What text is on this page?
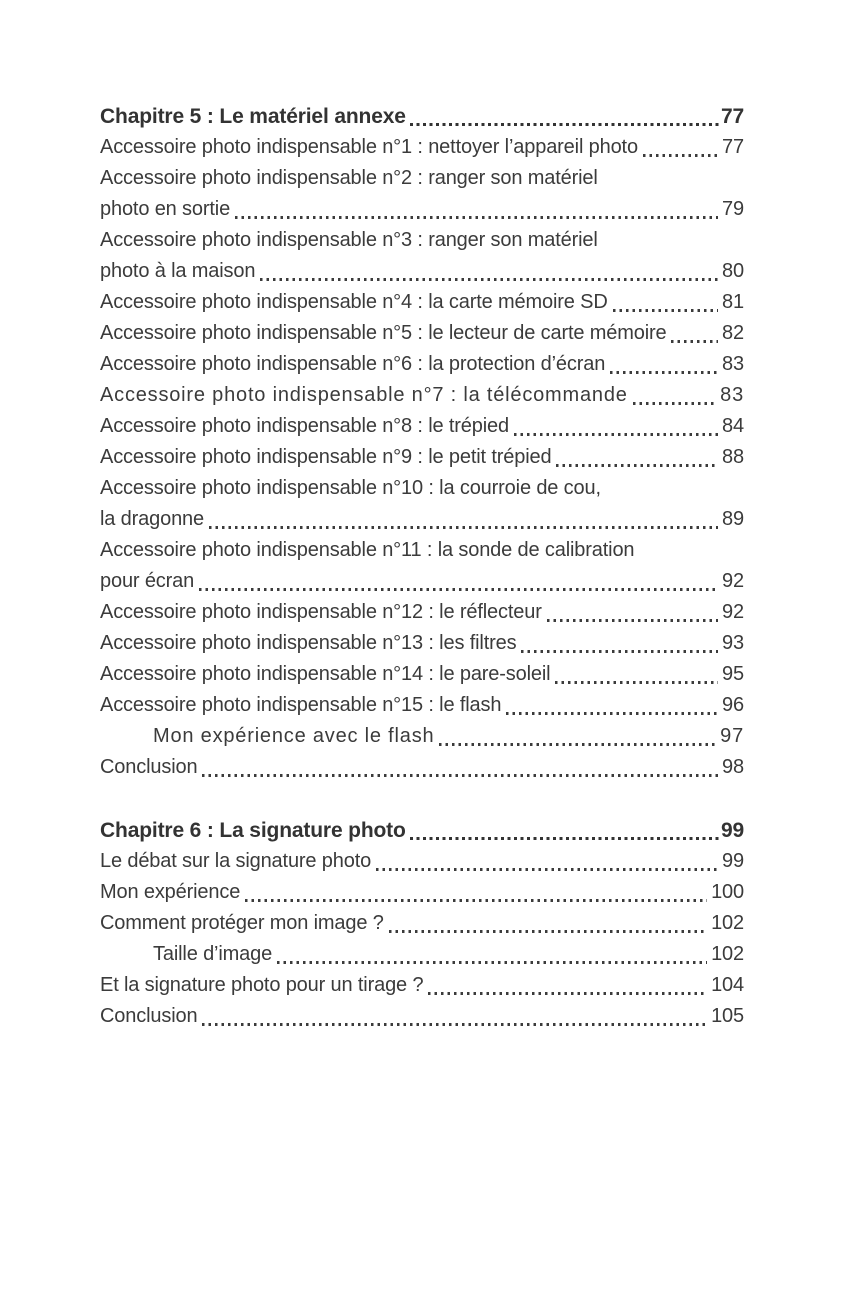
Chapitre 5 : Le matériel annexe	77
Accessoire photo indispensable n°1 : nettoyer l’appareil photo	77
Accessoire photo indispensable n°2 : ranger son matériel
photo en sortie	79
Accessoire photo indispensable n°3 : ranger son matériel
photo à la maison	80
Accessoire photo indispensable n°4 : la carte mémoire SD	81
Accessoire photo indispensable n°5 : le lecteur de carte mémoire	82
Accessoire photo indispensable n°6 : la protection d’écran	83
Accessoire photo indispensable n°7 : la télécommande	83
Accessoire photo indispensable n°8 : le trépied	84
Accessoire photo indispensable n°9 : le petit trépied	88
Accessoire photo indispensable n°10 : la courroie de cou,
la dragonne	89
Accessoire photo indispensable n°11 : la sonde de calibration
pour écran	92
Accessoire photo indispensable n°12 : le réflecteur	92
Accessoire photo indispensable n°13 : les filtres	93
Accessoire photo indispensable n°14 : le pare-soleil	95
Accessoire photo indispensable n°15 : le flash	96
Mon expérience avec le flash	97
Conclusion	98
Chapitre 6 : La signature photo	99
Le débat sur la signature photo	99
Mon expérience	100
Comment protéger mon image ?	102
Taille d’image	102
Et la signature photo pour un tirage ?	104
Conclusion	105
